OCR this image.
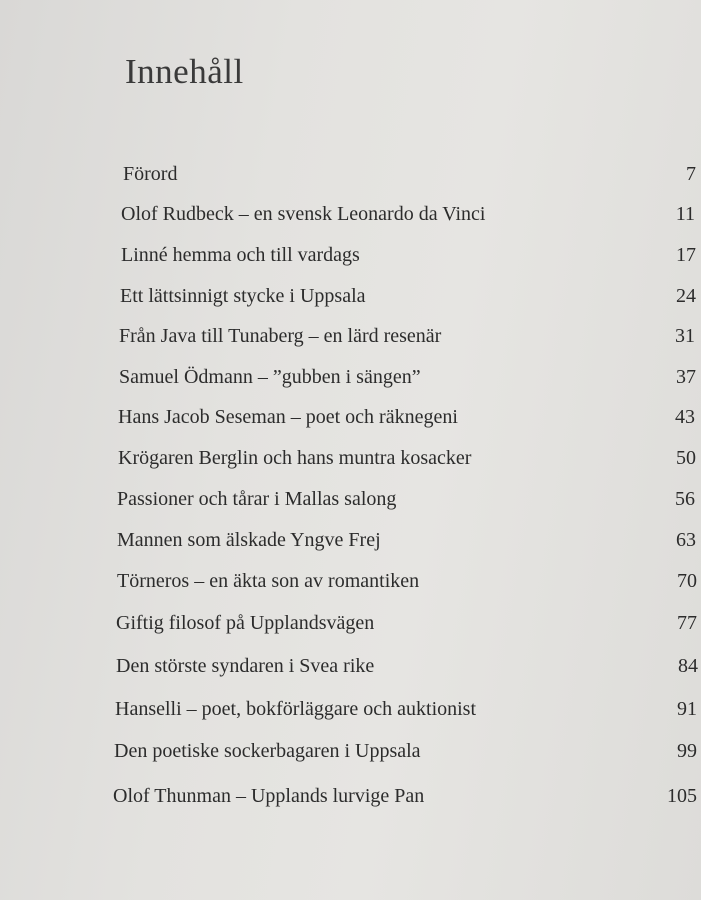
Innehåll
Förord	7
Olof Rudbeck – en svensk Leonardo da Vinci	11
Linné hemma och till vardags	17
Ett lättsinnigt stycke i Uppsala	24
Från Java till Tunaberg – en lärd resenär	31
Samuel Ödmann – ”gubben i sängen”	37
Hans Jacob Seseman – poet och räknegeni	43
Krögaren Berglin och hans muntra kosacker	50
Passioner och tårar i Mallas salong	56
Mannen som älskade Yngve Frej	63
Törneros – en äkta son av romantiken	70
Giftig filosof på Upplandsvägen	77
Den störste syndaren i Svea rike	84
Hanselli – poet, bokförläggare och auktionist	91
Den poetiske sockerbagaren i Uppsala	99
Olof Thunman – Upplands lurvige Pan	105
